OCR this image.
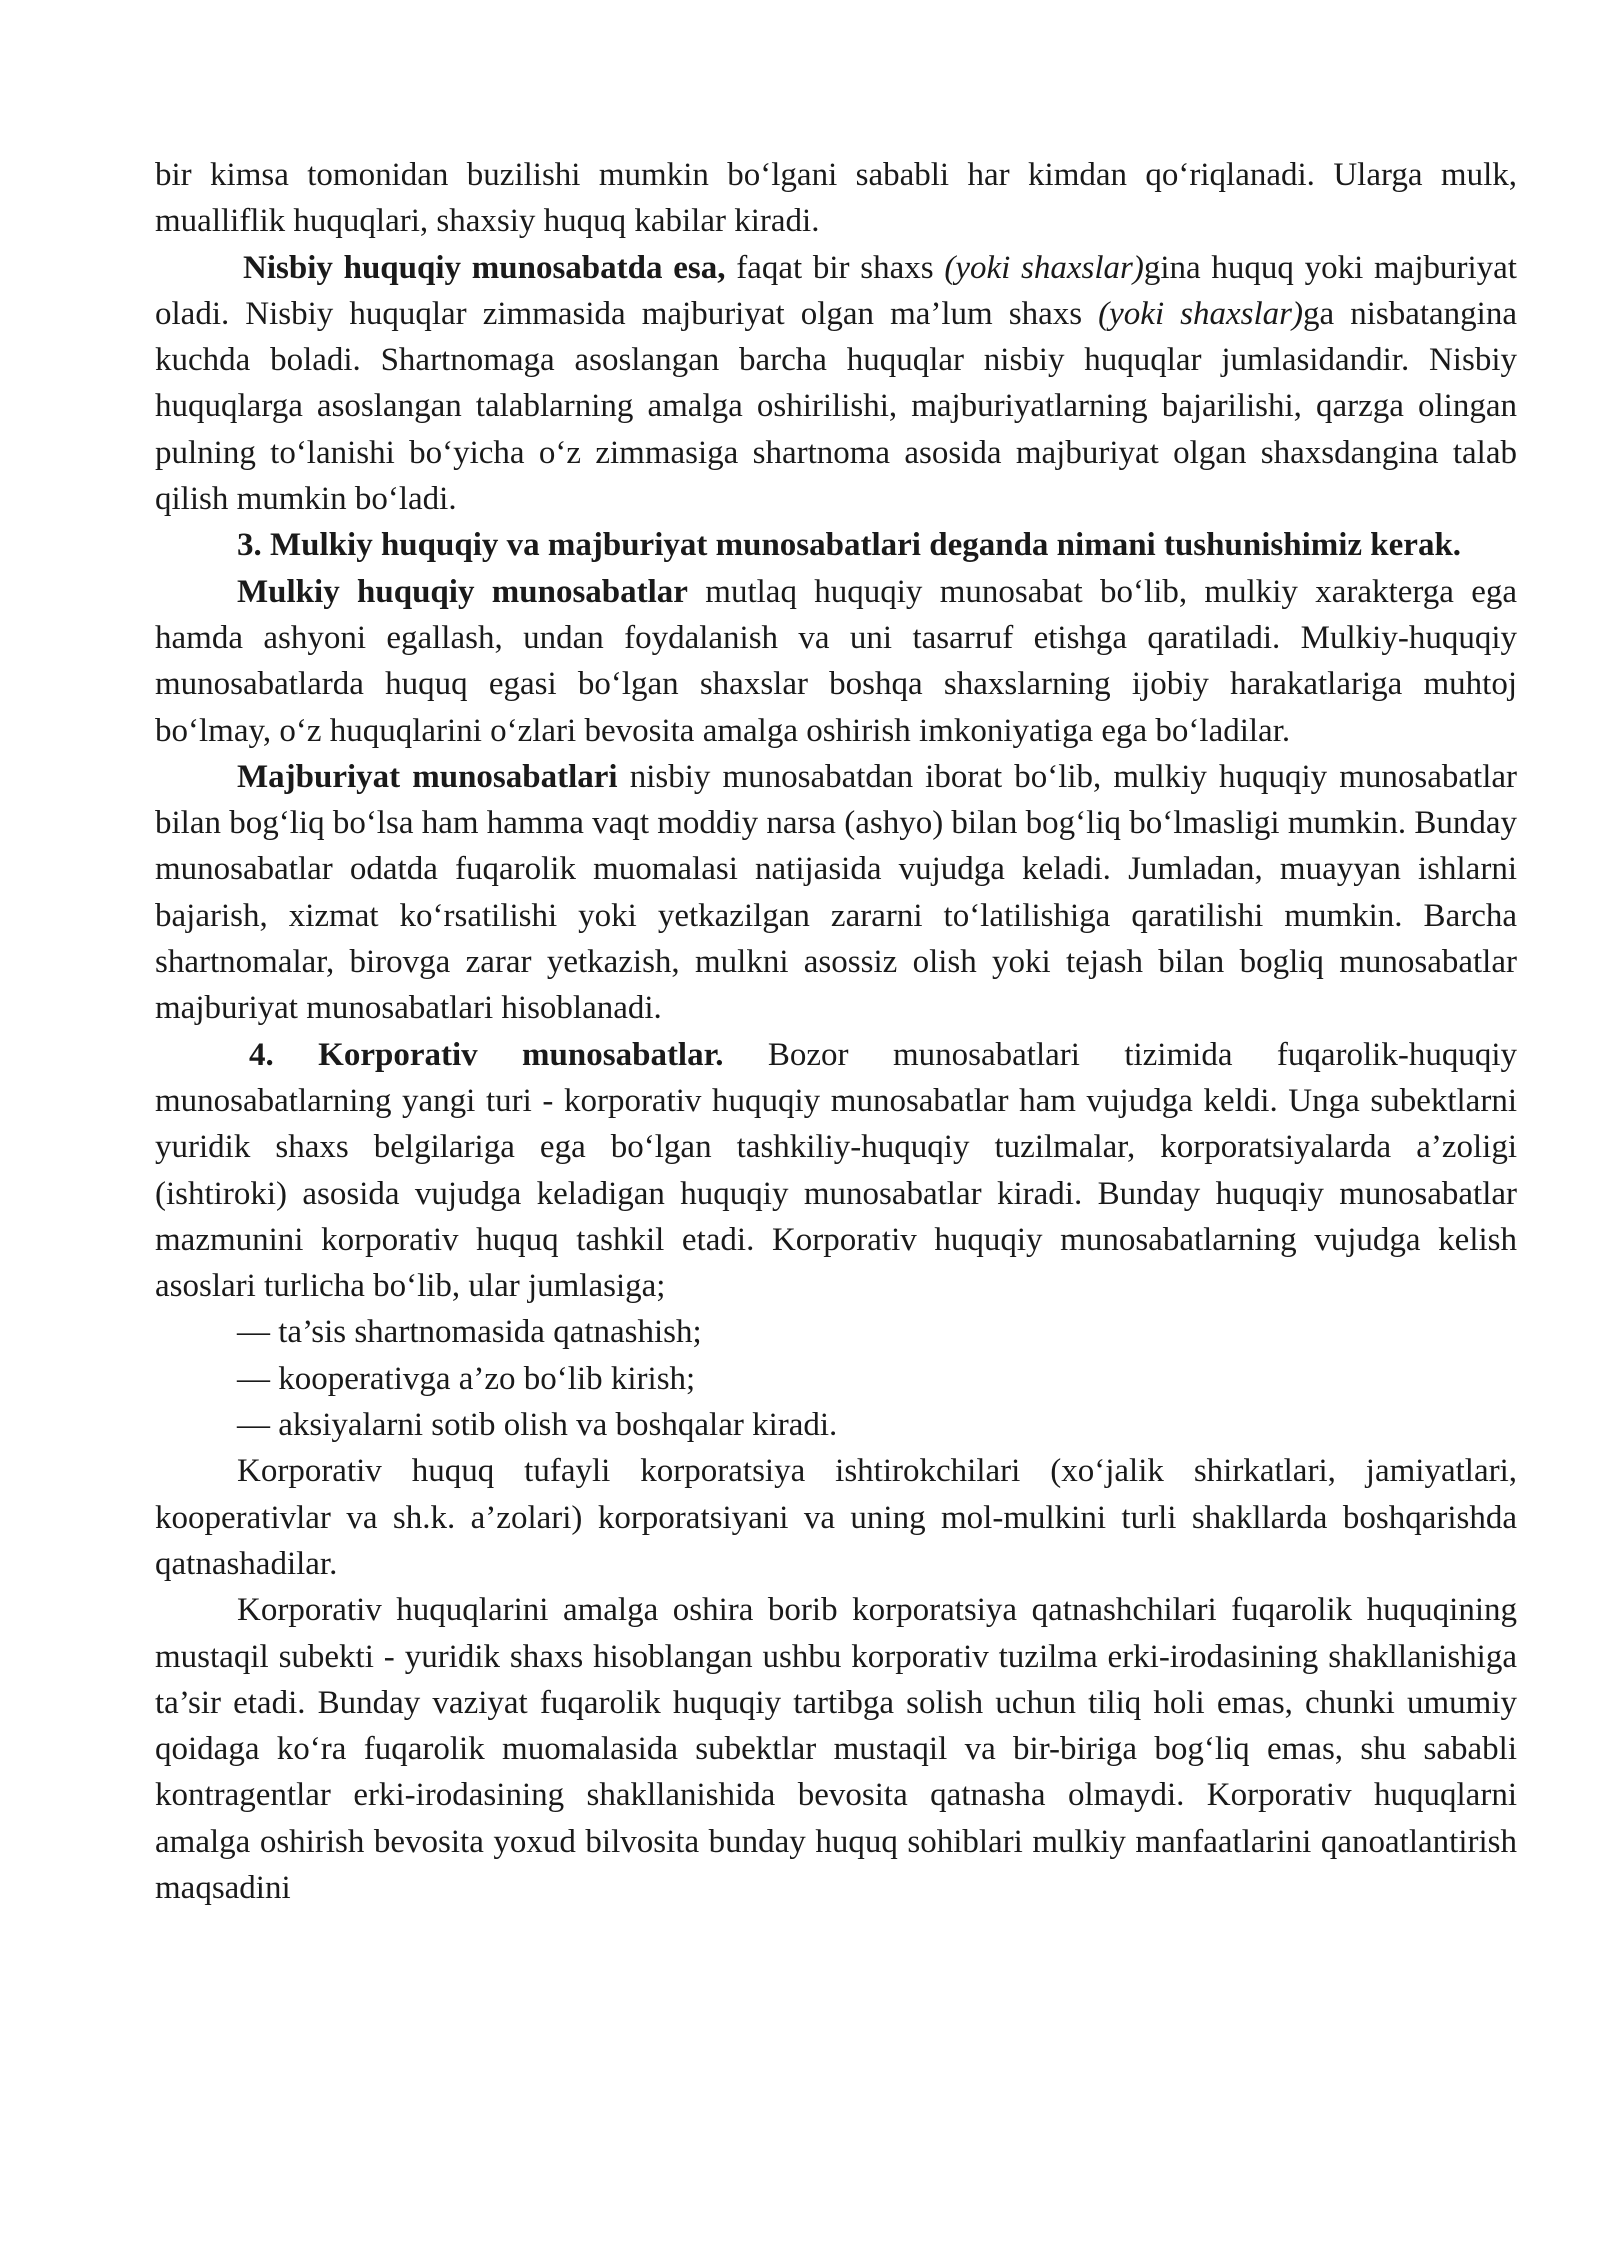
bir kimsa tomonidan buzilishi mumkin bo‘lgani sababli har kimdan qo‘riqlanadi. Ularga mulk, mualliflik huquqlari, shaxsiy huquq kabilar kiradi.

Nisbiy huquqiy munosabatda esa, faqat bir shaxs (yoki shaxslar)gina huquq yoki majburiyat oladi. Nisbiy huquqlar zimmasida majburiyat olgan ma’lum shaxs (yoki shaxslar)ga nisbatangina kuchda boladi. Shartnomaga asoslangan barcha huquqlar nisbiy huquqlar jumlasidandir. Nisbiy huquqlarga asoslangan talablarning amalga oshirilishi, majburiyatlarning bajarilishi, qarzga olingan pulning to‘lanishi bo‘yicha o‘z zimmasiga shartnoma asosida majburiyat olgan shaxsdangina talab qilish mumkin bo‘ladi.

3. Mulkiy huquqiy va majburiyat munosabatlari deganda nimani tushunishimiz kerak.

Mulkiy huquqiy munosabatlar mutlaq huquqiy munosabat bo‘lib, mulkiy xarakterga ega hamda ashyoni egallash, undan foydalanish va uni tasarruf etishga qaratiladi. Mulkiy-huquqiy munosabatlarda huquq egasi bo‘lgan shaxslar boshqa shaxslarning ijobiy harakatlariga muhtoj bo‘lmay, o‘z huquqlarini o‘zlari bevosita amalga oshirish imkoniyatiga ega bo‘ladilar.

Majburiyat munosabatlari nisbiy munosabatdan iborat bo‘lib, mulkiy huquqiy munosabatlar bilan bog‘liq bo‘lsa ham hamma vaqt moddiy narsa (ashyo) bilan bog‘liq bo‘lmasligi mumkin. Bunday munosabatlar odatda fuqarolik muomalasi natijasida vujudga keladi. Jumladan, muayyan ishlarni bajarish, xizmat ko‘rsatilishi yoki yetkazilgan zararni to‘latilishiga qaratilishi mumkin. Barcha shartnomalar, birovga zarar yetkazish, mulkni asossiz olish yoki tejash bilan bogliq munosabatlar majburiyat munosabatlari hisoblanadi.

4. Korporativ munosabatlar. Bozor munosabatlari tizimida fuqarolik-huquqiy munosabatlarning yangi turi - korporativ huquqiy munosabatlar ham vujudga keldi. Unga subektlarni yuridik shaxs belgilariga ega bo‘lgan tashkiliy-huquqiy tuzilmalar, korporatsiyalarda a’zoligi (ishtiroki) asosida vujudga keladigan huquqiy munosabatlar kiradi. Bunday huquqiy munosabatlar mazmunini korporativ huquq tashkil etadi. Korporativ huquqiy munosabatlarning vujudga kelish asoslari turlicha bo‘lib, ular jumlasiga;

— ta’sis shartnomasida qatnashish;

— kooperativga a’zo bo‘lib kirish;

— aksiyalarni sotib olish va boshqalar kiradi.

Korporativ huquq tufayli korporatsiya ishtirokchilari (xo‘jalik shirkatlari, jamiyatlari, kooperativlar va sh.k. a’zolari) korporatsiyani va uning mol-mulkini turli shakllarda boshqarishda qatnashadilar.

Korporativ huquqlarini amalga oshira borib korporatsiya qatnashchilari fuqarolik huquqining mustaqil subekti - yuridik shaxs hisoblangan ushbu korporativ tuzilma erki-irodasining shakllanishiga ta’sir etadi. Bunday vaziyat fuqarolik huquqiy tartibga solish uchun tiliq holi emas, chunki umumiy qoidaga ko‘ra fuqarolik muomalasida subektlar mustaqil va bir-biriga bog‘liq emas, shu sababli kontragentlar erki-irodasining shakllanishida bevosita qatnasha olmaydi. Korporativ huquqlarni amalga oshirish bevosita yoxud bilvosita bunday huquq sohiblari mulkiy manfaatlarini qanoatlantirish maqsadini
